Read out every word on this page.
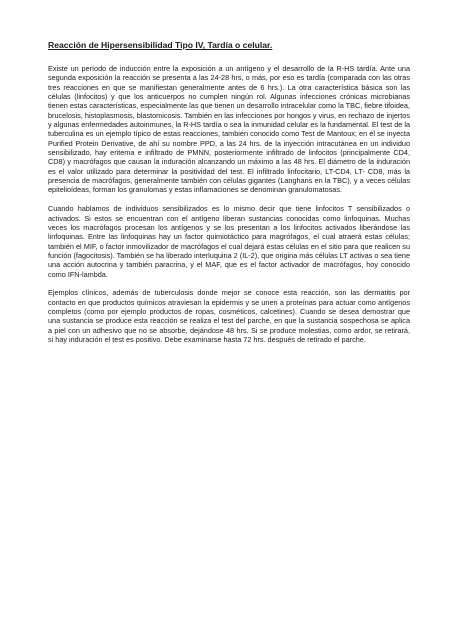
Reacción de Hipersensibilidad Tipo IV, Tardía o celular.

Existe un período de inducción entre la exposición a un antígeno y el desarrollo de la R-HS tardía. Ante una segunda exposición la reacción se presenta a las 24-28 hrs, o más, por eso es tardía (comparada con las otras tres reacciones en que se manifiestan generalmente antes de 6 hrs.). La otra característica básica son las células (linfocitos) y que los anticuerpos no cumplen ningún rol. Algunas infecciones crónicas microbianas tienen estas características, especialmente las que tienen un desarrollo intracelular como la TBC, fiebre tifoidea, brucelosis, histoplasmosis, blastomicosis. También en las infecciones por hongos y virus, en rechazo de injertos y algunas enfermedades autoinmunes, la R-HS tardía o sea la inmunidad celular es la fundamental. El test de la tuberculina es un ejemplo típico de estas reacciones, también conocido como Test de Mantoux; en él se inyecta Purified Protein Derivative, de ahí su nombre PPD, a las 24 hrs. de la inyección intracutánea en un individuo sensibilizado, hay eritema e infiltrado de PMNN, posteriormente infiltrado de linfocitos (principalmente CD4, CD8) y macrófagos que causan la induración alcanzando un máximo a las 48 hrs. El diámetro de la induración es el valor utilizado para determinar la positividad del test. El infiltrado linfocitario, LT-CD4, LT- CD8, más la presencia de macrófagos, generalmente también con células gigantes (Langhans en la TBC), y a veces células epitelioídeas, forman los granulomas y estas inflamaciones se denominan granulomatosas.

Cuando hablamos de individuos sensibilizados es lo mismo decir que tiene linfocitos T sensibilizados o activados. Si estos se encuentran con el antígeno liberan sustancias conocidas como linfoquinas. Muchas veces los macrófagos procesan los antígenos y se los presentan a los linfocitos activados liberándose las linfoquinas. Entre las linfoquinas hay un factor quimiotáctico para magrófagos, el cual atraerá estas células; también el MIF, o factor inmovilizador de macrófagos el cual dejará estas células en el sitio para que realicen su función (fagocitosis). También se ha liberado interluquina 2 (IL-2), que origina más células LT activas o sea tiene una acción autocrina y también paracrina, y el MAF, que es el factor activador de macrófagos, hoy conocido como IFN-lambda.

Ejemplos clínicos, además de tuberculosis donde mejor se conoce esta reacción, son las dermatitis por contacto en que productos químicos atraviesan la epidermis y se unen a proteínas para actuar como antígenos completos (como por ejemplo productos de ropas, cosméticos, calcetines). Cuando se desea demostrar que una sustancia se produce esta reacción se realiza el test del parche, en que la sustancia sospechosa se aplica a piel con un adhesivo que no se absorbe, dejándose 48 hrs. Si se produce molestias, como ardor, se retirará, si hay induración el test es positivo. Debe examinarse hasta 72 hrs. después de retirado el parche.
